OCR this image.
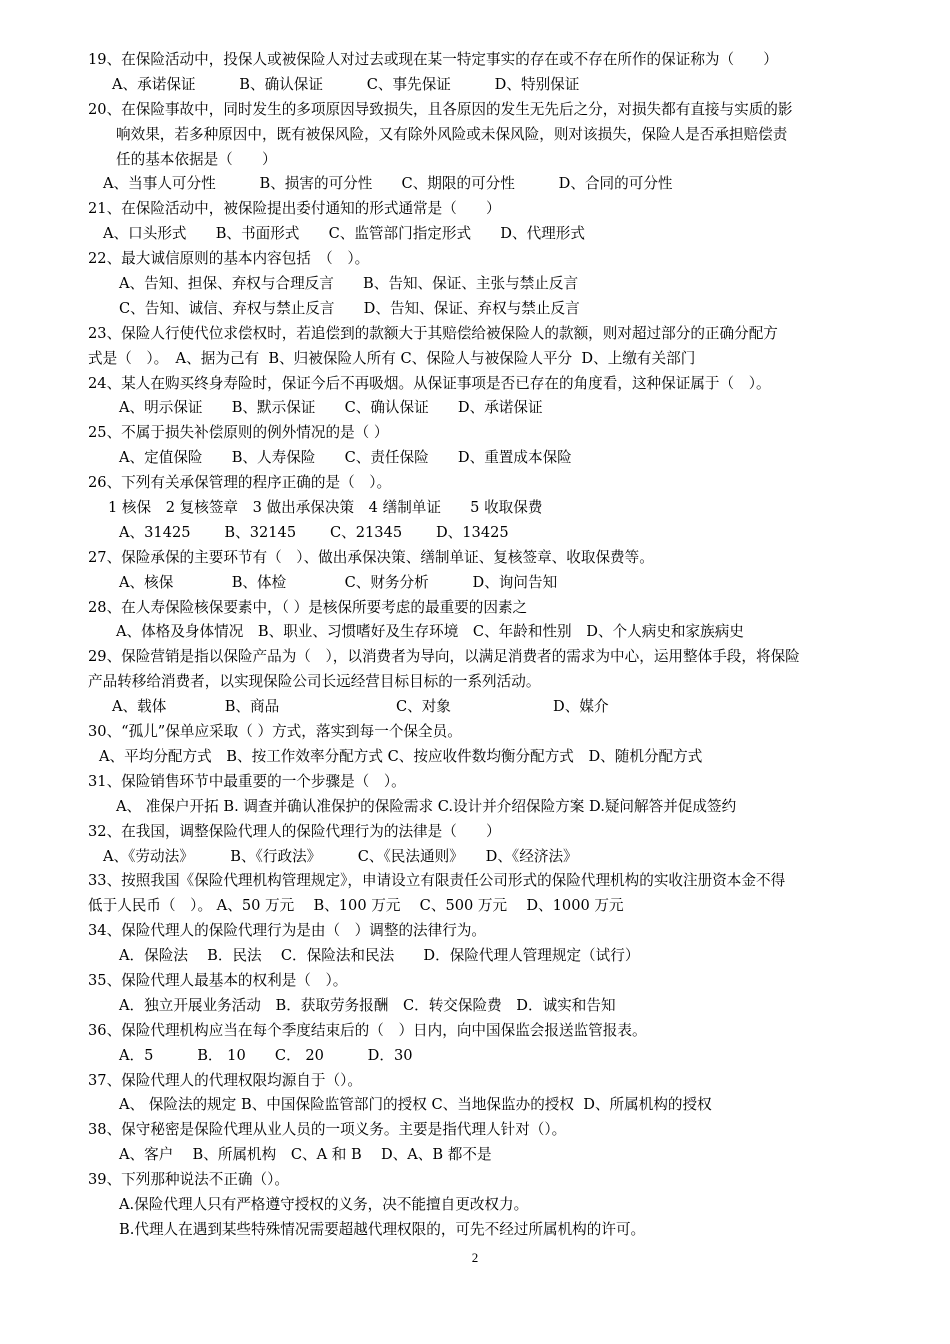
19、在保险活动中，投保人或被保险人对过去或现在某一特定事实的存在或不存在所作的保证称为（　　）
A、承诺保证　　　B、确认保证　　　C、事先保证　　　D、特别保证
20、在保险事故中，同时发生的多项原因导致损失，且各原因的发生无先后之分，对损失都有直接与实质的影
响效果，若多种原因中，既有被保风险，又有除外风险或未保风险，则对该损失，保险人是否承担赔偿责
任的基本依据是（　　）
A、当事人可分性　　　B、损害的可分性　　C、期限的可分性　　　D、合同的可分性
21、在保险活动中，被保险提出委付通知的形式通常是（　　）
A、口头形式　　B、书面形式　　C、监管部门指定形式　　D、代理形式
22、最大诚信原则的基本内容包括　（　）。
A、告知、担保、弃权与合理反言　　B、告知、保证、主张与禁止反言
C、告知、诚信、弃权与禁止反言　　D、告知、保证、弃权与禁止反言
23、保险人行使代位求偿权时，若追偿到的款额大于其赔偿给被保险人的款额，则对超过部分的正确分配方
式是（　）。　A、据为己有  B、归被保险人所有 C、保险人与被保险人平分  D、上缴有关部门
24、某人在购买终身寿险时，保证今后不再吸烟。从保证事项是否已存在的角度看，这种保证属于（　）。
A、明示保证　　B、默示保证　　C、确认保证　　D、承诺保证
25、不属于损失补偿原则的例外情况的是（ ）
A、定值保险　　B、人寿保险　　C、责任保险　　D、重置成本保险
26、下列有关承保管理的程序正确的是（　）。
1 核保　2 复核签章　3 做出承保决策　4 缮制单证　　5 收取保费
A、31425　　 B、32145　　 C、21345　　 D、13425
27、保险承保的主要环节有（　）、做出承保决策、缮制单证、复核签章、收取保费等。
A、核保　　　　B、体检　　　　C、财务分析　　　D、询问告知
28、在人寿保险核保要素中，（ ）是核保所要考虑的最重要的因素之
A、体格及身体情况　B、职业、习惯嗜好及生存环境　C、年龄和性别　D、个人病史和家族病史
29、保险营销是指以保险产品为（　），以消费者为导向，以满足消费者的需求为中心，运用整体手段，将保险
产品转移给消费者，以实现保险公司长远经营目标目标的一系列活动。
A、载体　　　　B、商品　　　　　　　　C、对象　　　　　　　D、媒介
30、“孤儿”保单应采取（ ）方式，落实到每一个保全员。
A、平均分配方式　B、按工作效率分配方式 C、按应收件数均衡分配方式　D、随机分配方式
31、保险销售环节中最重要的一个步骤是（　）。
A、 准保户开拓 B. 调查并确认准保护的保险需求 C.设计并介绍保险方案 D.疑问解答并促成签约
32、在我国，调整保险代理人的保险代理行为的法律是（　　）
A、《劳动法》　　　B、《行政法》　　　C、《民法通则》　　D、《经济法》
33、按照我国《保险代理机构管理规定》，申请设立有限责任公司形式的保险代理机构的实收注册资本金不得
低于人民币（　）。 A、50 万元　 B、100 万元　 C、500 万元　 D、1000 万元
34、保险代理人的保险代理行为是由（　）调整的法律行为。
A．保险法　 B．民法　 C．保险法和民法　　D．保险代理人管理规定（试行）
35、保险代理人最基本的权利是（　）。
A．独立开展业务活动　B．获取劳务报酬　C．转交保险费　D．诚实和告知
36、保险代理机构应当在每个季度结束后的（　）日内，向中国保监会报送监管报表。
A．5　　　B． 10　　C． 20　　　D．30
37、保险代理人的代理权限均源自于（）。
A、 保险法的规定 B、中国保险监管部门的授权 C、当地保监办的授权  D、所属机构的授权
38、保守秘密是保险代理从业人员的一项义务。主要是指代理人针对（）。
A、客户　 B、所属机构　C、A 和 B　 D、A、B 都不是
39、下列那种说法不正确（）。
A.保险代理人只有严格遵守授权的义务，决不能擅自更改权力。
B.代理人在遇到某些特殊情况需要超越代理权限的，可先不经过所属机构的许可。
2
